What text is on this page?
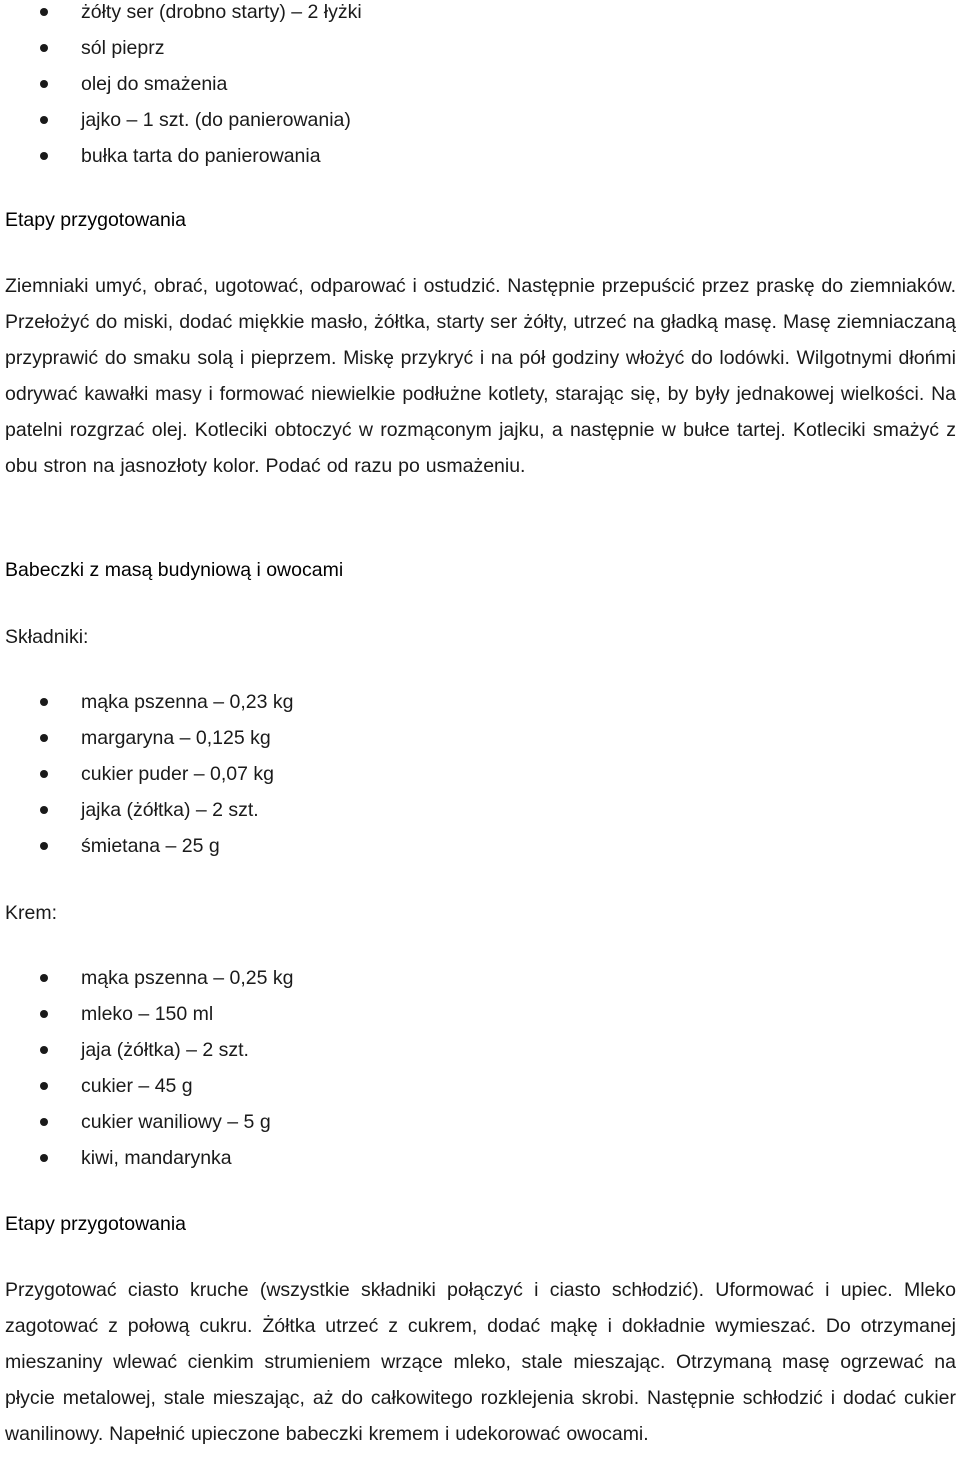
żółty ser (drobno starty) – 2 łyżki
sól pieprz
olej do smażenia
jajko – 1 szt. (do panierowania)
bułka tarta do panierowania
Etapy przygotowania

Ziemniaki umyć, obrać, ugotować, odparować i ostudzić. Następnie przepuścić przez praskę do ziemniaków. Przełożyć do miski, dodać miękkie masło, żółtka, starty ser żółty, utrzeć na gładką masę. Masę ziemniaczaną przyprawić do smaku solą i pieprzem. Miskę przykryć i na pół godziny włożyć do lodówki. Wilgotnymi dłońmi odrywać kawałki masy i formować niewielkie podłużne kotlety, starając się, by były jednakowej wielkości. Na patelni rozgrzać olej. Kotleciki obtoczyć w rozmąconym jajku, a następnie w bułce tartej. Kotleciki smażyć z obu stron na jasnozłoty kolor. Podać od razu po usmażeniu.

Babeczki z masą budyniową i owocami
Składniki:
mąka pszenna – 0,23 kg
margaryna – 0,125 kg
cukier puder – 0,07 kg
jajka (żółtka) – 2 szt.
śmietana – 25 g
Krem:
mąka pszenna – 0,25 kg
mleko – 150 ml
jaja (żółtka) – 2 szt.
cukier – 45 g
cukier waniliowy – 5 g
kiwi, mandarynka
Etapy przygotowania

Przygotować ciasto kruche (wszystkie składniki połączyć i ciasto schłodzić). Uformować i upiec. Mleko zagotować z połową cukru. Żółtka utrzeć z cukrem, dodać mąkę i dokładnie wymieszać. Do otrzymanej mieszaniny wlewać cienkim strumieniem wrzące mleko, stale mieszając. Otrzymaną masę ogrzewać na płycie metalowej, stale mieszając, aż do całkowitego rozklejenia skrobi. Następnie schłodzić i dodać cukier wanilinowy. Napełnić upieczone babeczki kremem i udekorować owocami.
